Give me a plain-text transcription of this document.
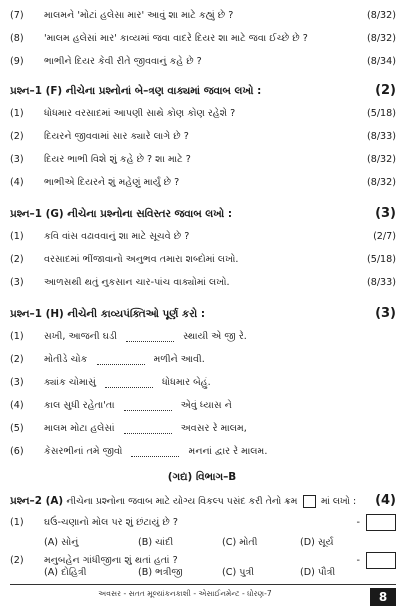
(7)	માલમને 'મોટાં હલેસા માર' આવું શા માટે કહ્યું છે ?	(8/32)
(8)	'માલમ હલેસાં માર' કાવ્યમાં જવા વાદરે દિયર શા માટે જવા ઈચ્છે છે ?	(8/32)
(9)	ભાભીને દિયર કેવી રીતે જીવવાનું કહે છે ?	(8/34)
પ્રશ્ન–1 (F) નીચેના પ્રશ્નોનાં બે–ત્રણ વાક્યમાં જવાબ લખો :	(2)
(1)	ધોધમાર વરસાદમાં આપણી સાથે કોણ કોણ રહેશે ?	(5/18)
(2)	દિયરને જીવવામાં સાર ક્યારે લાગે છે ?	(8/33)
(3)	દિયર ભાભી વિશે શું કહે છે ? શા માટે ?	(8/32)
(4)	ભાભીએ દિયરને શું મહેણું માર્યું છે ?	(8/32)
પ્રશ્ન–1 (G) નીચેના પ્રશ્નોના સવિસ્તર જવાબ લખો :	(3)
(1)	કવિ વાંસ વઢાવવાનું શા માટે સૂચવે છે ?	(2/7)
(2)	વરસાદમાં ભીંજાવાનો અનુભવ તમારા શબ્દોમાં લખો.	(5/18)
(3)	આળસથી થતું નુકસાન ચાર-પાંચ વાક્યોમાં લખો.	(8/33)
પ્રશ્ન–1 (H) નીચેની કાવ્યપંક્તિઓ પૂર્ણ કરો :	(3)
(1)	સખી, આજની ઘડી	સ્થાયી એ જી રે.
(2)	મોતીડે ચોક	મળીને આવી.
(3)	ક્યાંક ચોમાસું	ધોધમાર બેહું.
(4)	કાલ સુધી રહેતા'તા	એવું ધ્યાસ ને
(5)	માલમ મોટા હલેસાં	અવસર રે માલમ,
(6)	કેસરભીનાં તમે જીવો	મનનાં દ્વાર રે માલમ.
(ગદ્ય) વિભાગ–B
પ્રશ્ન–2 (A) નીચેના પ્રશ્નોના જવાબ માટે યોગ્ય વિકલ્પ પસંદ કરી તેનો ક્રમ	માં લખો : (4)
(1)	ઘઉં-ચણાનો મોલ પર શું છંટાયું છે ?	-
(A) સોનું	(B) ચાંદી	(C) મોતી	(D) સૂર્ય
અવસર - સતત મૂલ્યાંકનકાશી - એસાઈનમેન્ટ - ધોરણ-7	8
(2)	મનુબહેન ગાંધીજીના શું થતાં હતાં ?	-
(A) દોહિત્રી	(B) ભત્રીજી	(C) પુત્રી	(D) પૌત્રી
